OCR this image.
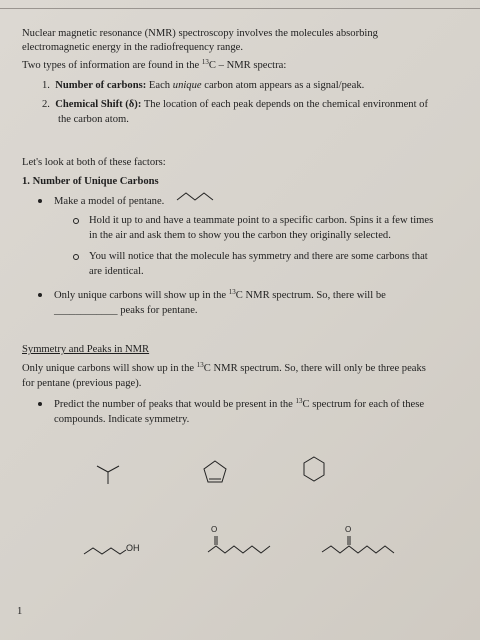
Nuclear magnetic resonance (NMR) spectroscopy involves the molecules absorbing
electromagnetic energy in the radiofrequency range.
Two types of information are found in the $^{13}$C – NMR spectra:
1. Number of carbons: Each unique carbon atom appears as a signal/peak.
2. Chemical Shift (δ): The location of each peak depends on the chemical environment of
the carbon atom.
Let's look at both of these factors:
1. Number of Unique Carbons
Make a model of pentane.
Hold it up to and have a teammate point to a specific carbon. Spins it a few times
in the air and ask them to show you the carbon they originally selected.
You will notice that the molecule has symmetry and there are some carbons that
are identical.
Only unique carbons will show up in the $^{13}$C NMR spectrum. So, there will be
____________ peaks for pentane.
Symmetry and Peaks in NMR
Only unique carbons will show up in the $^{13}$C NMR spectrum. So, there will only be three peaks
for pentane (previous page).
Predict the number of peaks that would be present in the $^{13}$C spectrum for each of these
compounds. Indicate symmetry.
OH
O	O
1
